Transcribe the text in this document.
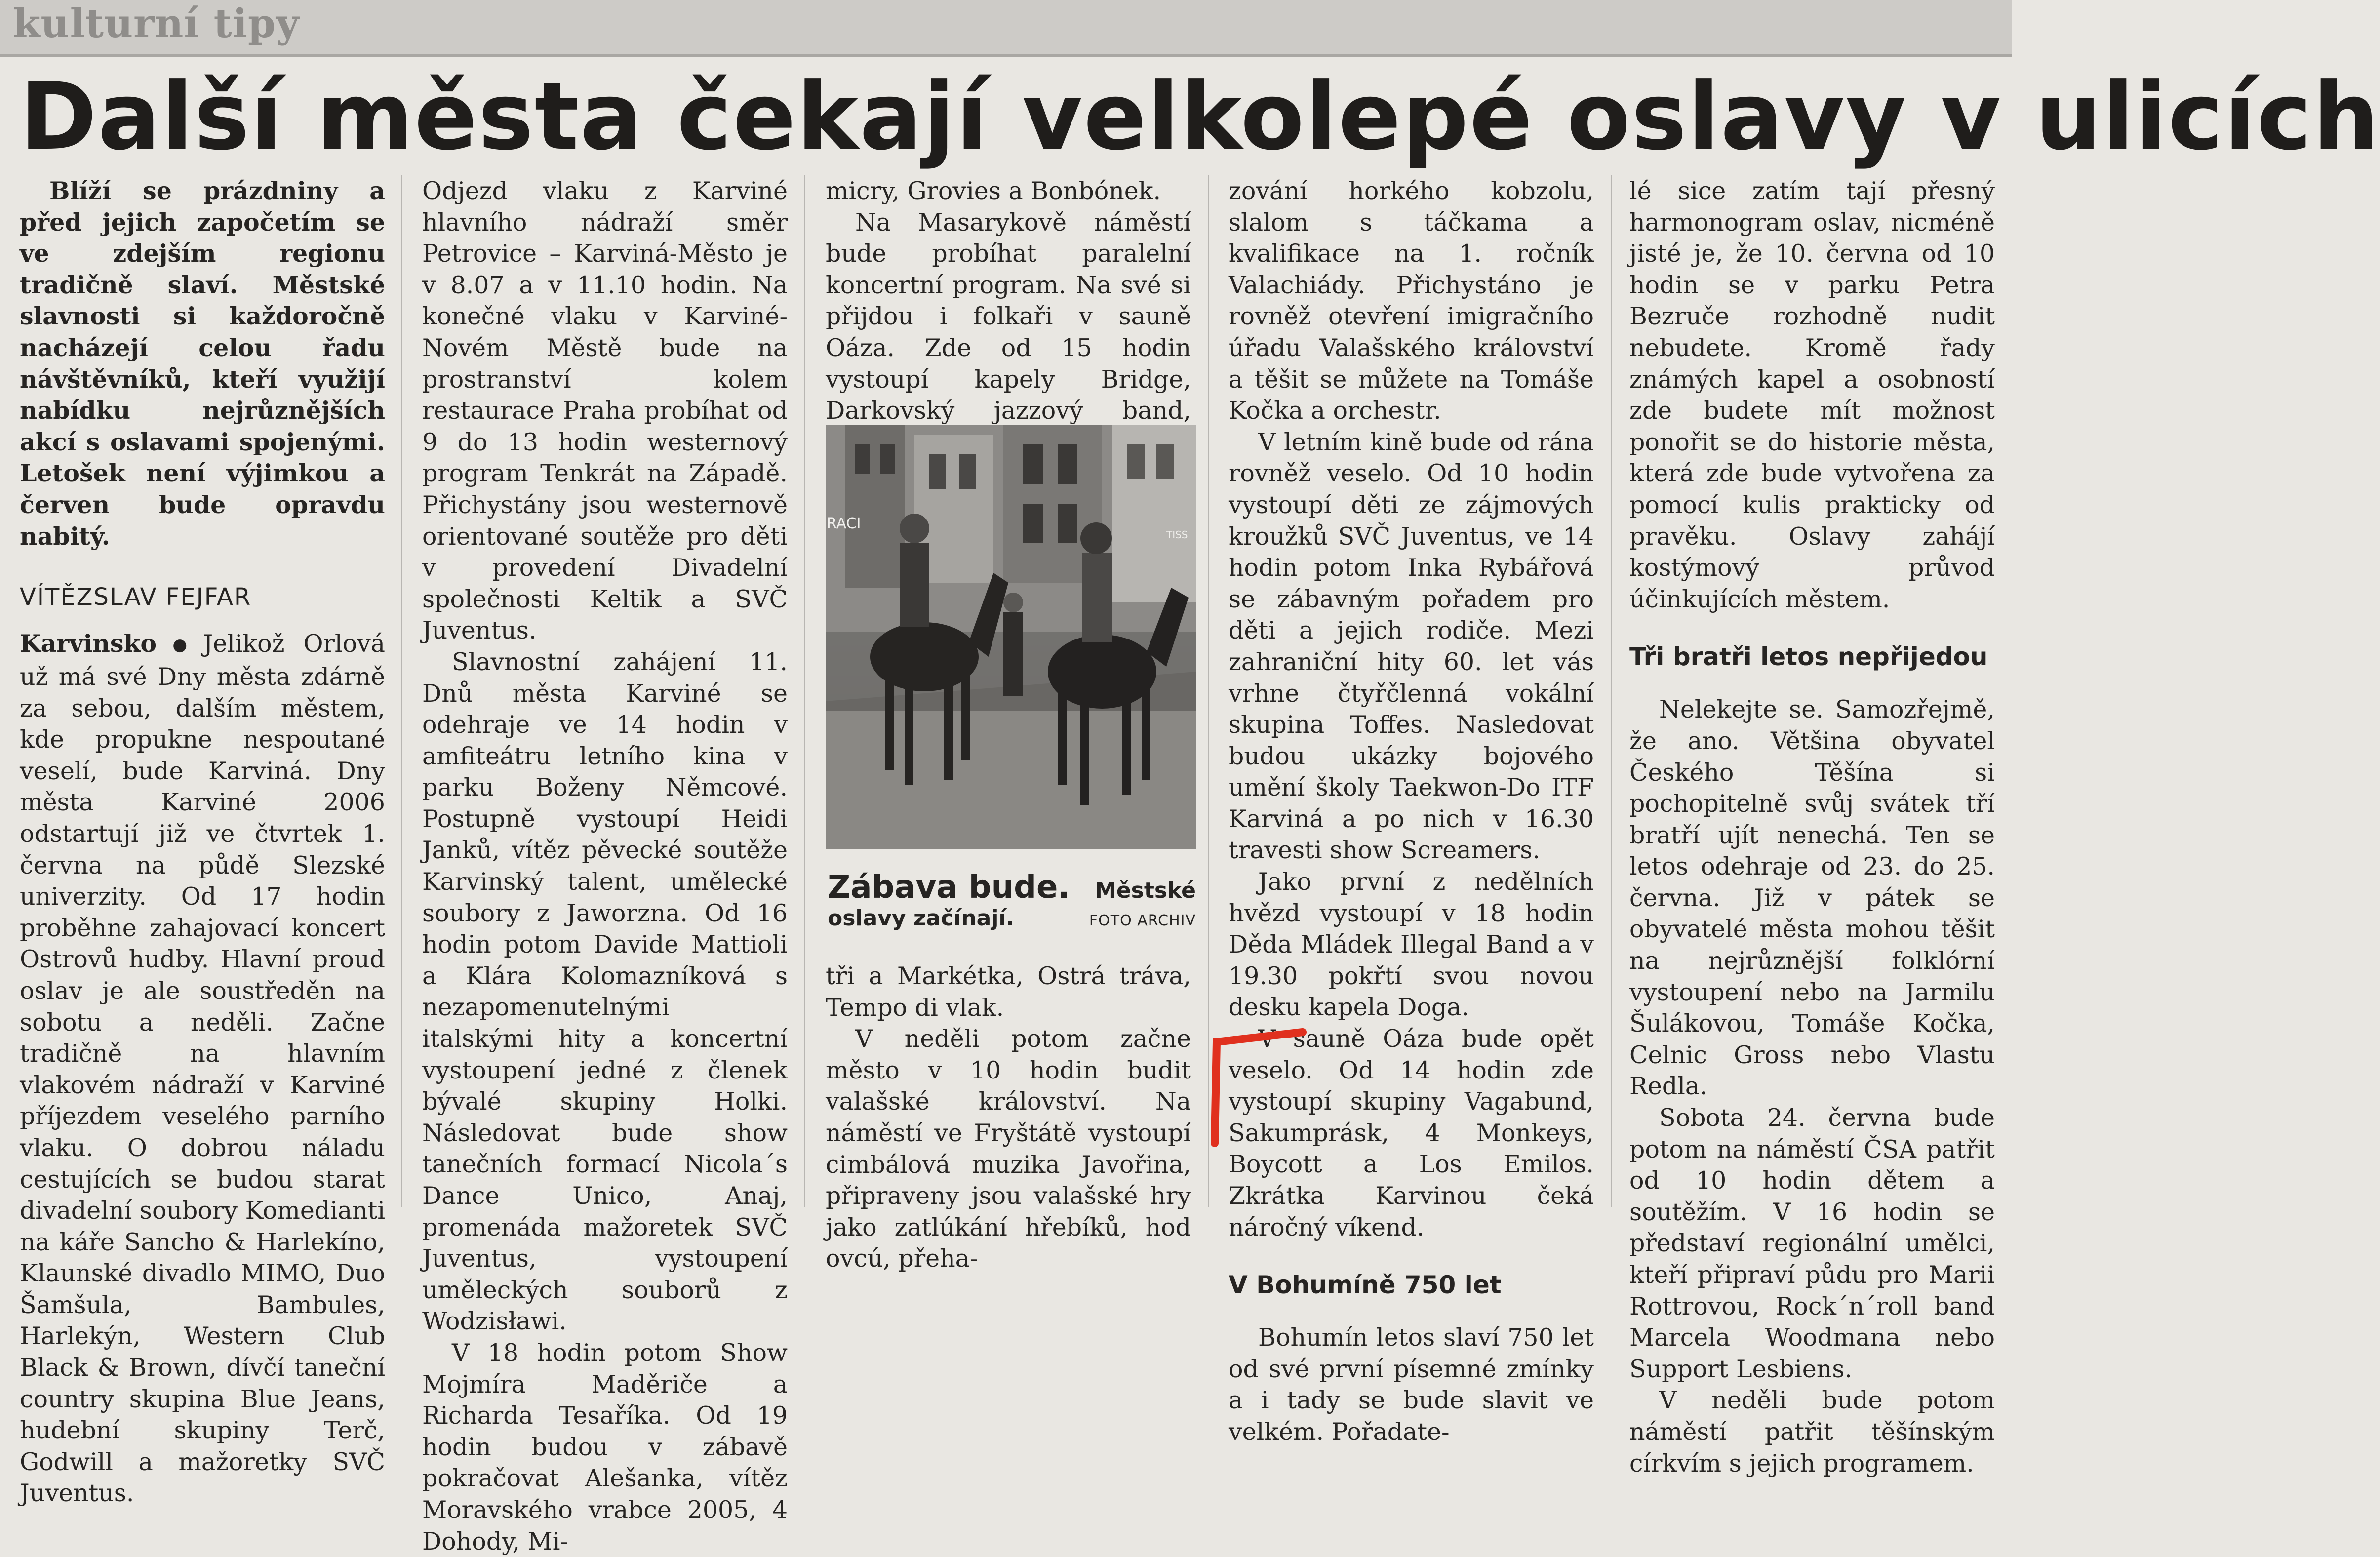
kulturní tipy
Další města čekají velkolepé oslavy v ulicích

Blíží se prázdniny a před jejich započetím se ve zdejším regionu tradičně slaví. Městské slavnosti si každoročně nacházejí celou řadu návštěvníků, kteří využijí nabídku nejrůznějších akcí s oslavami spojenými. Letošek není výjimkou a červen bude opravdu nabitý.

VÍTĚZSLAV FEJFAR

Karvinsko ● Jelikož Orlová už má své Dny města zdárně za sebou, dalším městem, kde propukne nespoutané veselí, bude Karviná. Dny města Karviné 2006 odstartují již ve čtvrtek 1. června na půdě Slezské univerzity. Od 17 hodin proběhne zahajovací koncert Ostrovů hudby. Hlavní proud oslav je ale soustředěn na sobotu a neděli. Začne tradičně na hlavním vlakovém nádraží v Karviné příjezdem veselého parního vlaku. O dobrou náladu cestujících se budou starat divadelní soubory Komedianti na káře Sancho & Harlekíno, Klaunské divadlo MIMO, Duo Šamšula, Bambules, Harlekýn, Western Club Black & Brown, dívčí taneční country skupina Blue Jeans, hudební skupiny Terč, Godwill a mažoretky SVČ Juventus.

Odjezd vlaku z Karviné hlavního nádraží směr Petrovice – Karviná-Město je v 8.07 a v 11.10 hodin. Na konečné vlaku v Karviné-Novém Městě bude na prostranství kolem restaurace Praha probíhat od 9 do 13 hodin westernový program Tenkrát na Západě. Přichystány jsou westernově orientované soutěže pro děti v provedení Divadelní společnosti Keltik a SVČ Juventus.

Slavnostní zahájení 11. Dnů města Karviné se odehraje ve 14 hodin v amfiteátru letního kina v parku Boženy Němcové. Postupně vystoupí Heidi Janků, vítěz pěvecké soutěže Karvinský talent, umělecké soubory z Jaworzna. Od 16 hodin potom Davide Mattioli a Klára Kolomazníková s nezapomenutelnými italskými hity a koncertní vystoupení jedné z členek bývalé skupiny Holki. Následovat bude show tanečních formací Nicola´s Dance Unico, Anaj, promenáda mažoretek SVČ Juventus, vystoupení uměleckých souborů z Wodzisławi.

V 18 hodin potom Show Mojmíra Maděriče a Richarda Tesaříka. Od 19 hodin budou v zábavě pokračovat Alešanka, vítěz Moravského vrabce 2005, 4 Dohody, Mi-

micry, Grovies a Bonbónek.

Na Masarykově náměstí bude probíhat paralelní koncertní program. Na své si přijdou i folkaři v sauně Oáza. Zde od 15 hodin vystoupí kapely Bridge, Darkovský jazzový band,

RACI
TISS
Zábava bude. Městské
oslavy začínají.	FOTO ARCHIV

tři a Markétka, Ostrá tráva, Tempo di vlak.

V neděli potom začne město v 10 hodin budit valašské království. Na náměstí ve Fryštátě vystoupí cimbálová muzika Javořina, připraveny jsou valašské hry jako zatlúkání hřebíků, hod ovcú, přeha-

zování horkého kobzolu, slalom s táčkama a kvalifikace na 1. ročník Valachiády. Přichystáno je rovněž otevření imigračního úřadu Valašského království a těšit se můžete na Tomáše Kočka a orchestr.

V letním kině bude od rána rovněž veselo. Od 10 hodin vystoupí děti ze zájmových kroužků SVČ Juventus, ve 14 hodin potom Inka Rybářová se zábavným pořadem pro děti a jejich rodiče. Mezi zahraniční hity 60. let vás vrhne čtyřčlenná vokální skupina Toffes. Nasledovat budou ukázky bojového umění školy Taekwon-Do ITF Karviná a po nich v 16.30 travesti show Screamers.

Jako první z nedělních hvězd vystoupí v 18 hodin Děda Mládek Illegal Band a v 19.30 pokřtí svou novou desku kapela Doga.

V sauně Oáza bude opět veselo. Od 14 hodin zde vystoupí skupiny Vagabund, Sakumprásk, 4 Monkeys, Boycott a Los Emilos. Zkrátka Karvinou čeká náročný víkend.

V Bohumíně 750 let

Bohumín letos slaví 750 let od své první písemné zmínky a i tady se bude slavit ve velkém. Pořadate-

lé sice zatím tají přesný harmonogram oslav, nicméně jisté je, že 10. června od 10 hodin se v parku Petra Bezruče rozhodně nudit nebudete. Kromě řady známých kapel a osobností zde budete mít možnost ponořit se do historie města, která zde bude vytvořena za pomocí kulis prakticky od pravěku. Oslavy zahájí kostýmový průvod účinkujících městem.

Tři bratři letos nepřijedou

Nelekejte se. Samozřejmě, že ano. Většina obyvatel Českého Těšína si pochopitelně svůj svátek tří bratří ujít nenechá. Ten se letos odehraje od 23. do 25. června. Již v pátek se obyvatelé města mohou těšit na nejrůznější folklórní vystoupení nebo na Jarmilu Šulákovou, Tomáše Kočka, Celnic Gross nebo Vlastu Redla.

Sobota 24. června bude potom na náměstí ČSA patřit od 10 hodin dětem a soutěžím. V 16 hodin se představí regionální umělci, kteří připraví půdu pro Marii Rottrovou, Rock´n´roll band Marcela Woodmana nebo Support Lesbiens.

V neděli bude potom náměstí patřit těšínským církvím s jejich programem.
